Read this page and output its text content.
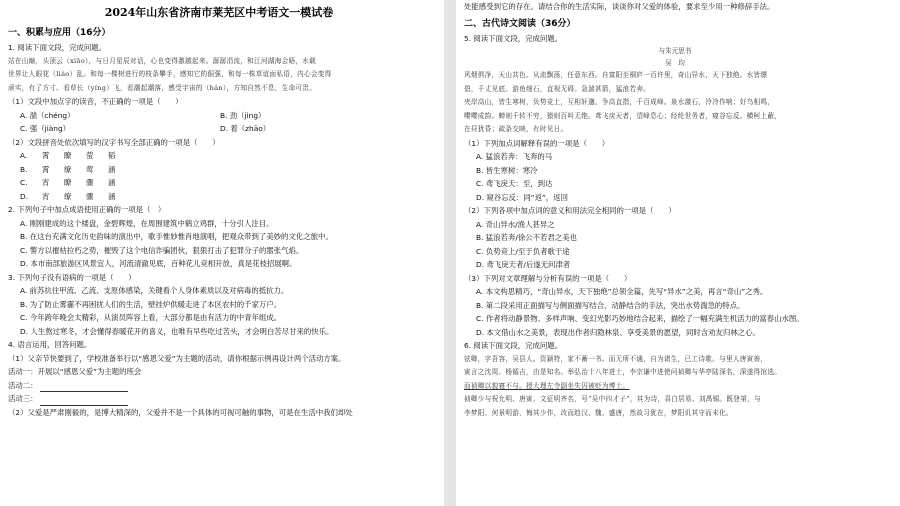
2024年山东省济南市莱芜区中考语文一模试卷
一、积累与应用（16分）
1. 阅读下面文段，完成问题。
站在山巅，头顶云（xiāo），与日月星辰对话，心也变得激越起来。潺潺涓流，和江河湖海会晤，水载
世界让人眼花（liáo）乱。和每一棵树进行的枝条攀手，感知它的倔强，和每一株草谊面私语，内心会变得
顽实，有了方寸。看草长（yíng）飞，看潮起潮落，感受宇宙的（hán），方知自然不息，生命可贵。
（1）文段中加点字的读音，不正确的一项是（　　）
A. 湍（chéng）	B. 劲（jìng）
C. 强（jiàng）	D. 着（zhāo）
（2）文段拼音处依次填写的汉字书写全部正确的一项是（　　）
A.	霄	瞭	萤	韬
B.	霄	缭	莺	涵
C.	宵	瞭	骤	涵
D.	宵	缭	骤	涵
2. 下列句子中加点成语使用正确的一项是（　）
A. 刚刚建成的这个楼盘，金碧辉煌，在周围建筑中鹤立鸡群，十分引人注目。
B. 在这台充满文化历史韵味的演出中，歌手惟妙惟肖地演唱，把观众带到了美妙的文化之旅中。
C. 警方以摧枯拉朽之势，摧毁了这个电信诈骗团伙，狠狠打击了犯罪分子的嚣张气焰。
D. 本市南部旅游区风景宜人，河流清澈见底，百种花儿竞相开放，真是花枝招展啊。
3. 下列句子没有语病的一项是（　　）
A. 前苏抗住甲流、乙流、支原体感染，关键看个人身体素质以及对病毒的抵抗力。
B. 为了防止雾霾不再困扰人们的生活，壁挂炉供暖走进了本区农村的千家万户。
C. 今年跨年晚会太精彩，从演员阵容上看，大部分都是由有活力的中青年组成。
D. 人生熬过寒冬，才会懂得春暖花开的喜义，也唯有早些吃过苦头，才会明白苦尽甘来的快乐。
4. 语言运用，回答问题。
（1）父亲节快要到了，学校准备举行以“感恩父爱”为主题的活动，请你根据示例再设计两个活动方案。
活动一：开展以“感恩父爱”为主题的班会
活动二：
活动三：
（2）父爱是严肃刚毅的，是博大精深的，父爱并不是一个具体的可视可触的事物，可是在生活中我们却处
处能感受到它的存在。请结合你的生活实际，谈谈你对父爱的体验，要求至少用一种修辞手法。
二、古代诗文阅读（36分）
5. 阅读下面文段，完成问题。
与朱元思书
吴　均
风烟俱净，天山共色。从流飘荡，任意东西。自富阳至桐庐一百许里，奇山异水，天下独绝。水皆缥
碧，千丈见底。游鱼细石，直视无碍。急湍甚箭，猛浪若奔。
夹岸高山，皆生寒树，负势竞上，互相轩邈，争高直指，千百成峰。泉水激石，冷冷作响；好鸟相鸣，
嘤嘤成韵。蝉则千转不穷，猿则百叫无绝。鸢飞戾天者，望峰息心；经纶世务者，窥谷忘反。横柯上蔽，
在昼犹昏；疏条交映，有时见日。
（1）下列加点词解释有误的一项是（　　）
A. 猛浪若奔：飞奔的马
B. 皆生寒树：寒冷
C. 鸢飞戾天：至，到达
D. 窥谷忘反：同“返”，返回
（2）下列各项中加点词的意义和用法完全相同的一项是（　　）
A. 奇山异水/渔人甚异之
B. 猛浪若奔/徐公不若君之美也
C. 负势竞上/至于负者歌于途
D. 鸢飞戾天者/后遂无问津者
（3）下列对文章理解与分析有误的一项是（　　）
A. 本文构思精巧，“奇山异水，天下独绝”总领全篇，先写“异水”之美，再言“奇山”之秀。
B. 第二段采用正面描写与侧面描写结合、动静结合的手法，突出水势湍急的特点。
C. 作者将动静景物、多样声响、变幻光影巧妙地结合起来，描绘了一幅充满生机活力的富春山水图。
D. 本文借山水之美景，表现出作者归隐林泉、享受美景的愿望，同时含劝友归林之心。
6. 阅读下面文段，完成问题。
铉卿，字吾容，吴县人。资颖特，家不蓄一书。而无所不通，自为诸生，已工诗歌。与里人唐寅善，
寅言之沈周、杨循吉，由是知名。举弘治十八年进士，李宗谦中进使问祯卿与华亭陆深名，深遂得馆选。
而祯卿以貌寝不与。授大理左寺副坐失囚被贬为博士。
祯卿少与祝允明、唐寅、文征明齐名，号“吴中四才子”，其为诗，喜白居易、刘禹锡。既登第，与
李梦阳、何景明游，悔其少作，改而趋汉、魏、盛唐，然故习犹在，梦阳讥其守而未化。
